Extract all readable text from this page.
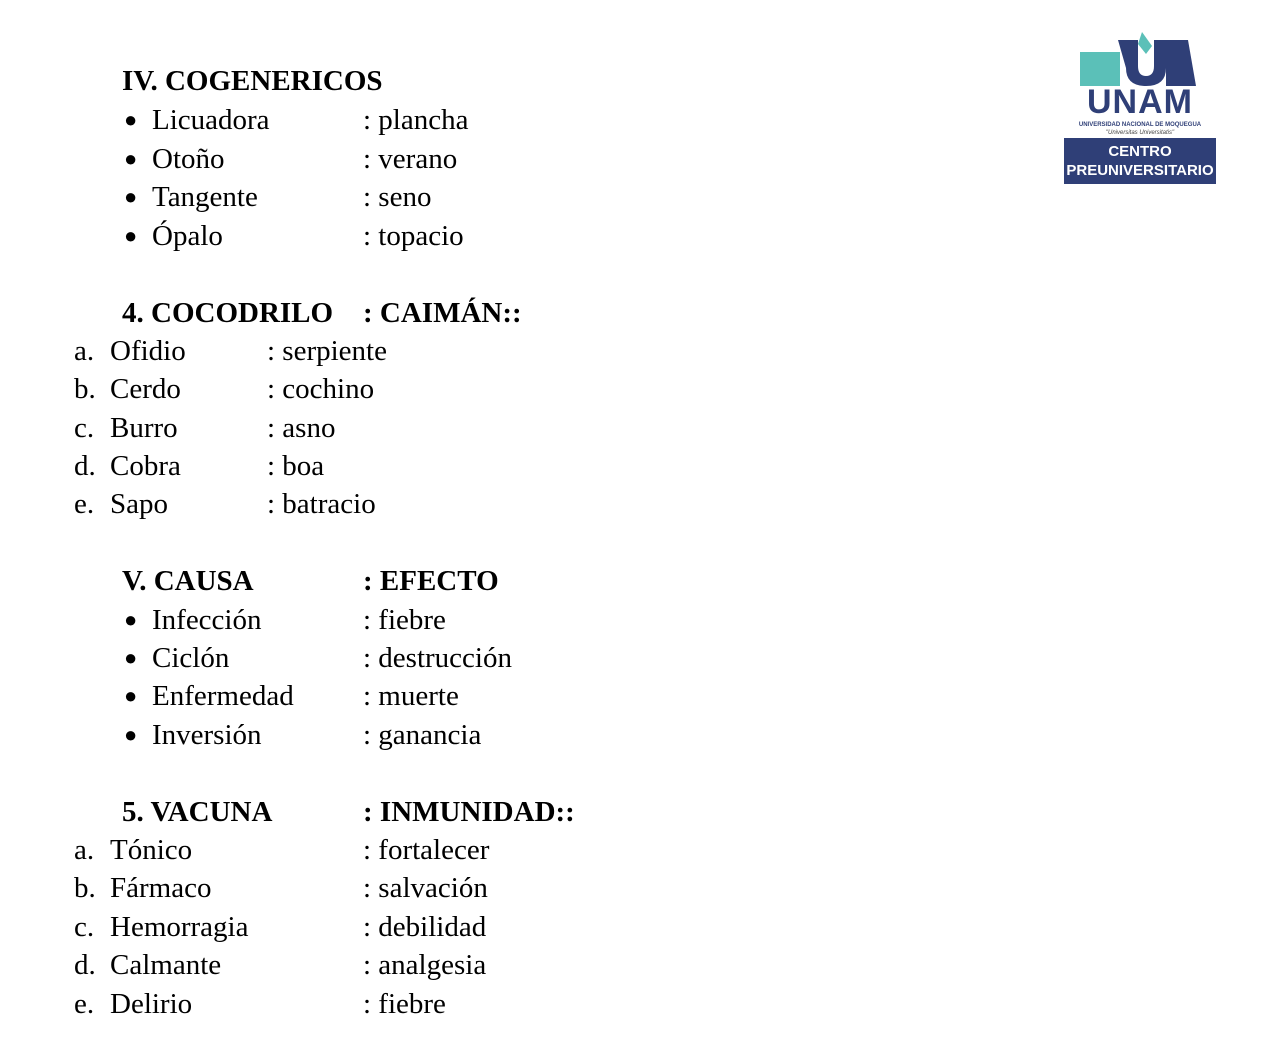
UNAM
UNIVERSIDAD NACIONAL DE MOQUEGUA
"Universitas Universitatis"
CENTRO
PREUNIVERSITARIO
IV. COGENERICOS
● Licuadora	: plancha
● Otoño	: verano
● Tangente	: seno
● Ópalo	: topacio
4. COCODRILO : CAIMÁN::
a. Ofidio	: serpiente
b. Cerdo	: cochino
c. Burro	: asno
d. Cobra	: boa
e. Sapo	: batracio
V. CAUSA	: EFECTO
● Infección	: fiebre
● Ciclón	: destrucción
● Enfermedad : muerte
● Inversión	: ganancia
5. VACUNA	: INMUNIDAD::
a. Tónico	: fortalecer
b. Fármaco	: salvación
c. Hemorragia	: debilidad
d. Calmante	: analgesia
e. Delirio	: fiebre
